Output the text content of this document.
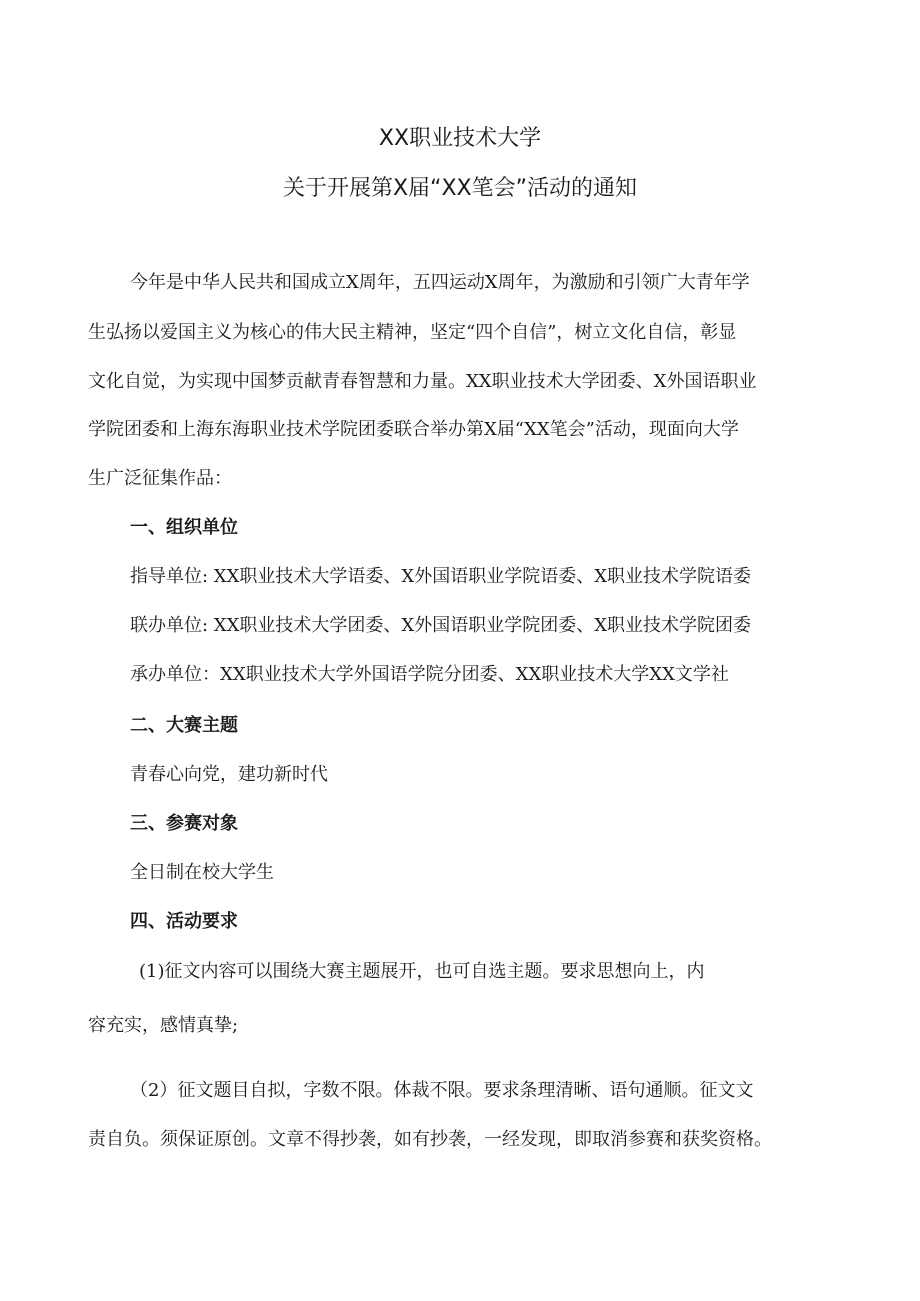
XX职业技术大学
关于开展第X届“XX笔会”活动的通知
今年是中华人民共和国成立X周年，五四运动X周年，为激励和引领广大青年学
生弘扬以爱国主义为核心的伟大民主精神，坚定“四个自信”，树立文化自信，彰显
文化自觉，为实现中国梦贡献青春智慧和力量。XX职业技术大学团委、X外国语职业
学院团委和上海东海职业技术学院团委联合举办第X届“XX笔会”活动，现面向大学
生广泛征集作品：
一、组织单位
指导单位: XX职业技术大学语委、X外国语职业学院语委、X职业技术学院语委
联办单位: XX职业技术大学团委、X外国语职业学院团委、X职业技术学院团委
承办单位：XX职业技术大学外国语学院分团委、XX职业技术大学XX文学社
二、大赛主题
青春心向党，建功新时代
三、参赛对象
全日制在校大学生
四、活动要求
(1)征文内容可以围绕大赛主题展开，也可自选主题。要求思想向上，内
容充实，感情真挚;
（2）征文题目自拟，字数不限。体裁不限。要求条理清晰、语句通顺。征文文
责自负。须保证原创。文章不得抄袭，如有抄袭，一经发现，即取消参赛和获奖资格。
